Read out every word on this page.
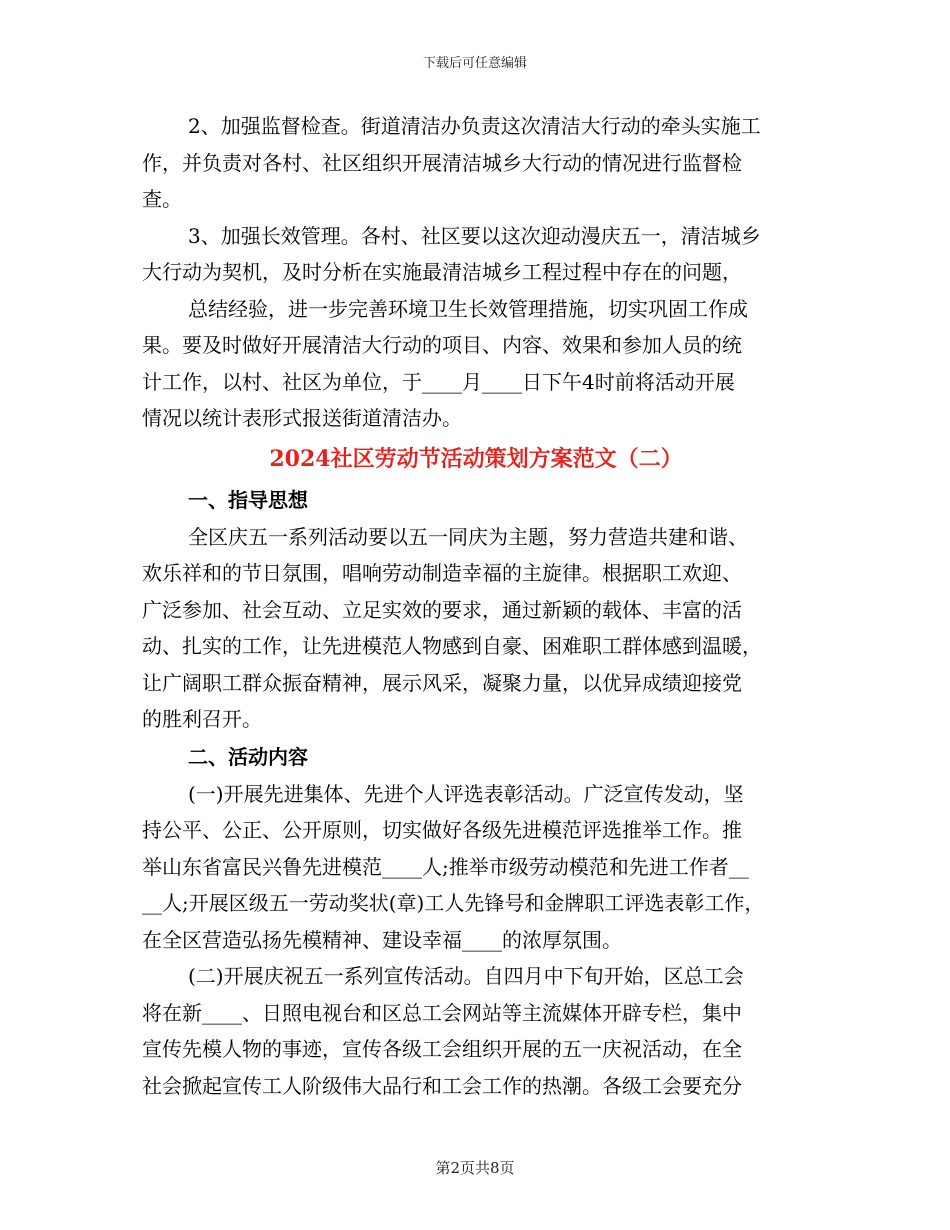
下载后可任意编辑
2、加强监督检查。街道清洁办负责这次清洁大行动的牵头实施工
作，并负责对各村、社区组织开展清洁城乡大行动的情况进行监督检
查。
3、加强长效管理。各村、社区要以这次迎动漫庆五一，清洁城乡
大行动为契机，及时分析在实施最清洁城乡工程过程中存在的问题，
总结经验，进一步完善环境卫生长效管理措施，切实巩固工作成
果。要及时做好开展清洁大行动的项目、内容、效果和参加人员的统
计工作，以村、社区为单位，于____月____日下午4时前将活动开展
情况以统计表形式报送街道清洁办。
2024社区劳动节活动策划方案范文（二）
一、指导思想
全区庆五一系列活动要以五一同庆为主题，努力营造共建和谐、
欢乐祥和的节日氛围，唱响劳动制造幸福的主旋律。根据职工欢迎、
广泛参加、社会互动、立足实效的要求，通过新颖的载体、丰富的活
动、扎实的工作，让先进模范人物感到自豪、困难职工群体感到温暖，
让广阔职工群众振奋精神，展示风采，凝聚力量，以优异成绩迎接党
的胜利召开。
二、活动内容
(一)开展先进集体、先进个人评选表彰活动。广泛宣传发动，坚
持公平、公正、公开原则，切实做好各级先进模范评选推举工作。推
举山东省富民兴鲁先进模范____人;推举市级劳动模范和先进工作者__
__人;开展区级五一劳动奖状(章)工人先锋号和金牌职工评选表彰工作，
在全区营造弘扬先模精神、建设幸福____的浓厚氛围。
(二)开展庆祝五一系列宣传活动。自四月中下旬开始，区总工会
将在新____、日照电视台和区总工会网站等主流媒体开辟专栏，集中
宣传先模人物的事迹，宣传各级工会组织开展的五一庆祝活动，在全
社会掀起宣传工人阶级伟大品行和工会工作的热潮。各级工会要充分
第2页共8页
